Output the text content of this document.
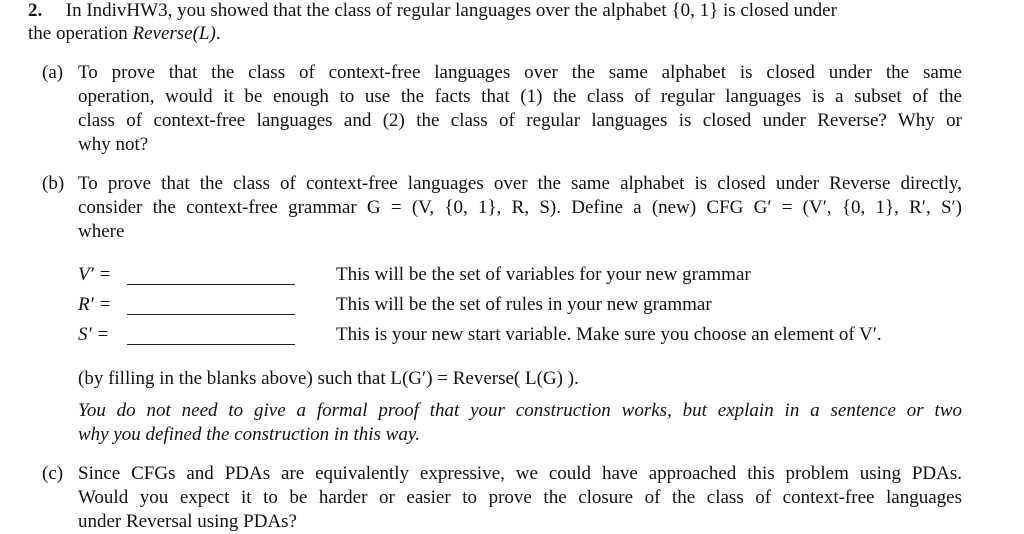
2. In IndivHW3, you showed that the class of regular languages over the alphabet {0, 1} is closed under
the operation Reverse(L).
(a) To prove that the class of context-free languages over the same alphabet is closed under the same
operation, would it be enough to use the facts that (1) the class of regular languages is a subset of the
class of context-free languages and (2) the class of regular languages is closed under Reverse? Why or
why not?
(b) To prove that the class of context-free languages over the same alphabet is closed under Reverse directly,
consider the context-free grammar G = (V, {0, 1}, R, S). Define a (new) CFG G′ = (V′, {0, 1}, R′, S′)
where
V′ =	This will be the set of variables for your new grammar
R′ =	This will be the set of rules in your new grammar
S′ =	This is your new start variable. Make sure you choose an element of V′.
(by filling in the blanks above) such that L(G′) = Reverse( L(G) ).
You do not need to give a formal proof that your construction works, but explain in a sentence or two
why you defined the construction in this way.
(c) Since CFGs and PDAs are equivalently expressive, we could have approached this problem using PDAs.
Would you expect it to be harder or easier to prove the closure of the class of context-free languages
under Reversal using PDAs?
